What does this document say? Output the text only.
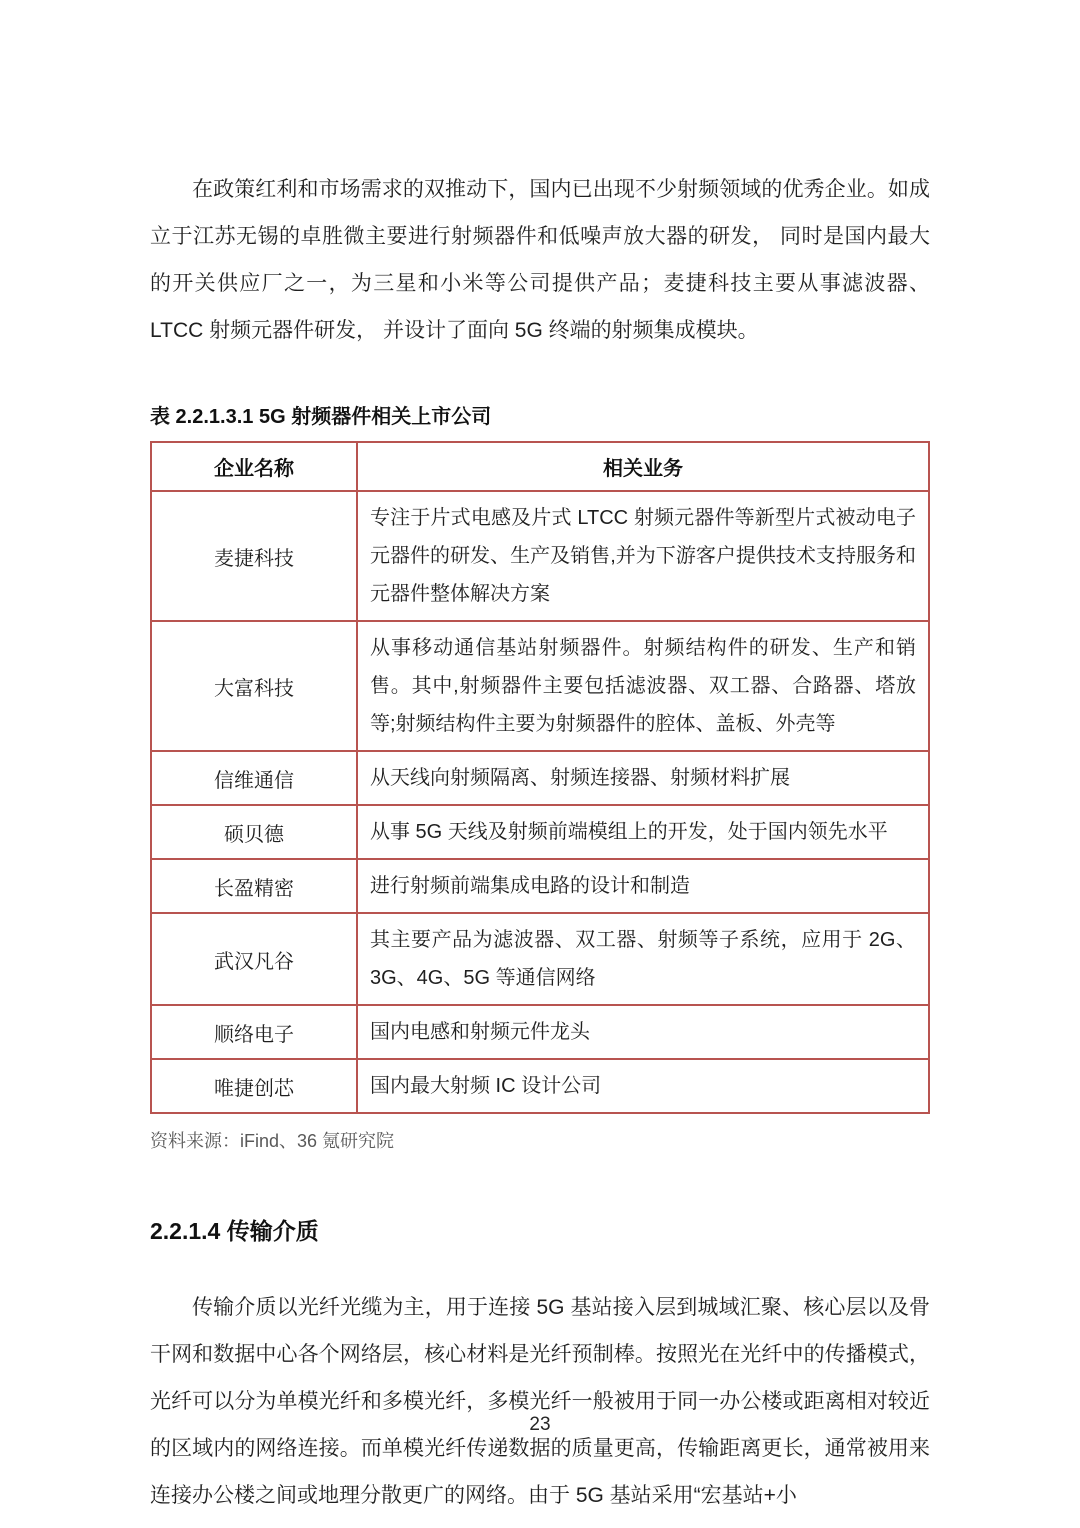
在政策红利和市场需求的双推动下，国内已出现不少射频领域的优秀企业。如成立于江苏无锡的卓胜微主要进行射频器件和低噪声放大器的研发， 同时是国内最大的开关供应厂之一，为三星和小米等公司提供产品；麦捷科技主要从事滤波器、LTCC 射频元器件研发， 并设计了面向 5G 终端的射频集成模块。

表 2.2.1.3.1 5G 射频器件相关上市公司
企业名称	相关业务
麦捷科技	专注于片式电感及片式 LTCC 射频元器件等新型片式被动电子元器件的研发、生产及销售,并为下游客户提供技术支持服务和元器件整体解决方案
大富科技	从事移动通信基站射频器件。射频结构件的研发、生产和销售。其中,射频器件主要包括滤波器、双工器、合路器、塔放等;射频结构件主要为射频器件的腔体、盖板、外壳等
信维通信	从天线向射频隔离、射频连接器、射频材料扩展
硕贝德	从事 5G 天线及射频前端模组上的开发，处于国内领先水平
长盈精密	进行射频前端集成电路的设计和制造
武汉凡谷	其主要产品为滤波器、双工器、射频等子系统，应用于 2G、3G、4G、5G 等通信网络
顺络电子	国内电感和射频元件龙头
唯捷创芯	国内最大射频 IC 设计公司
资料来源：iFind、36 氪研究院
2.2.1.4 传输介质

传输介质以光纤光缆为主，用于连接 5G 基站接入层到城域汇聚、核心层以及骨干网和数据中心各个网络层，核心材料是光纤预制棒。按照光在光纤中的传播模式，光纤可以分为单模光纤和多模光纤，多模光纤一般被用于同一办公楼或距离相对较近的区域内的网络连接。而单模光纤传递数据的质量更高，传输距离更长，通常被用来连接办公楼之间或地理分散更广的网络。由于 5G 基站采用“宏基站+小

23
